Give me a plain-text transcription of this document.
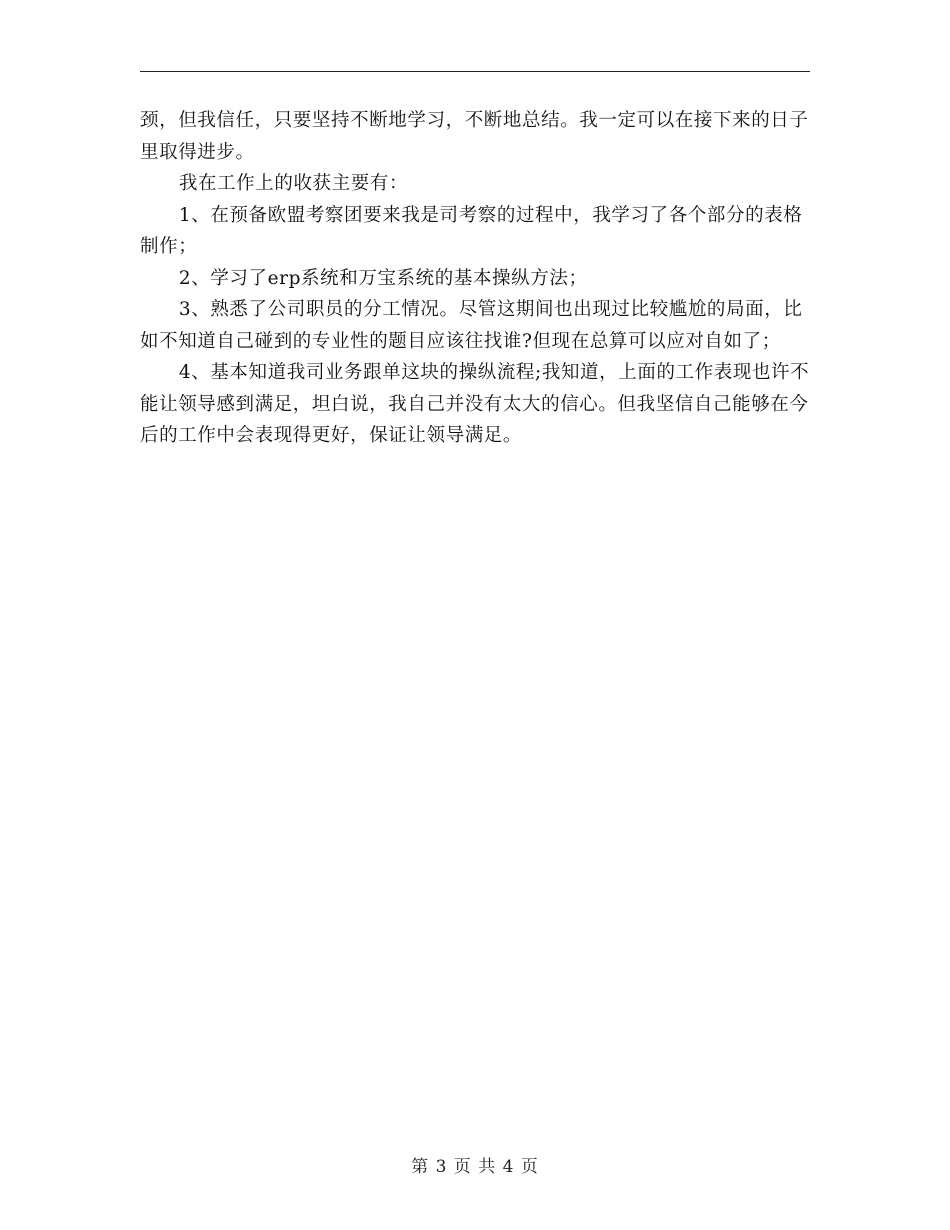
颈，但我信任，只要坚持不断地学习，不断地总结。我一定可以在接下来的日子里取得进步。

我在工作上的收获主要有：

1、在预备欧盟考察团要来我是司考察的过程中，我学习了各个部分的表格制作；

2、学习了erp系统和万宝系统的基本操纵方法；

3、熟悉了公司职员的分工情况。尽管这期间也出现过比较尴尬的局面，比如不知道自己碰到的专业性的题目应该往找谁?但现在总算可以应对自如了；

4、基本知道我司业务跟单这块的操纵流程;我知道，上面的工作表现也许不能让领导感到满足，坦白说，我自己并没有太大的信心。但我坚信自己能够在今后的工作中会表现得更好，保证让领导满足。

第 3 页 共 4 页
